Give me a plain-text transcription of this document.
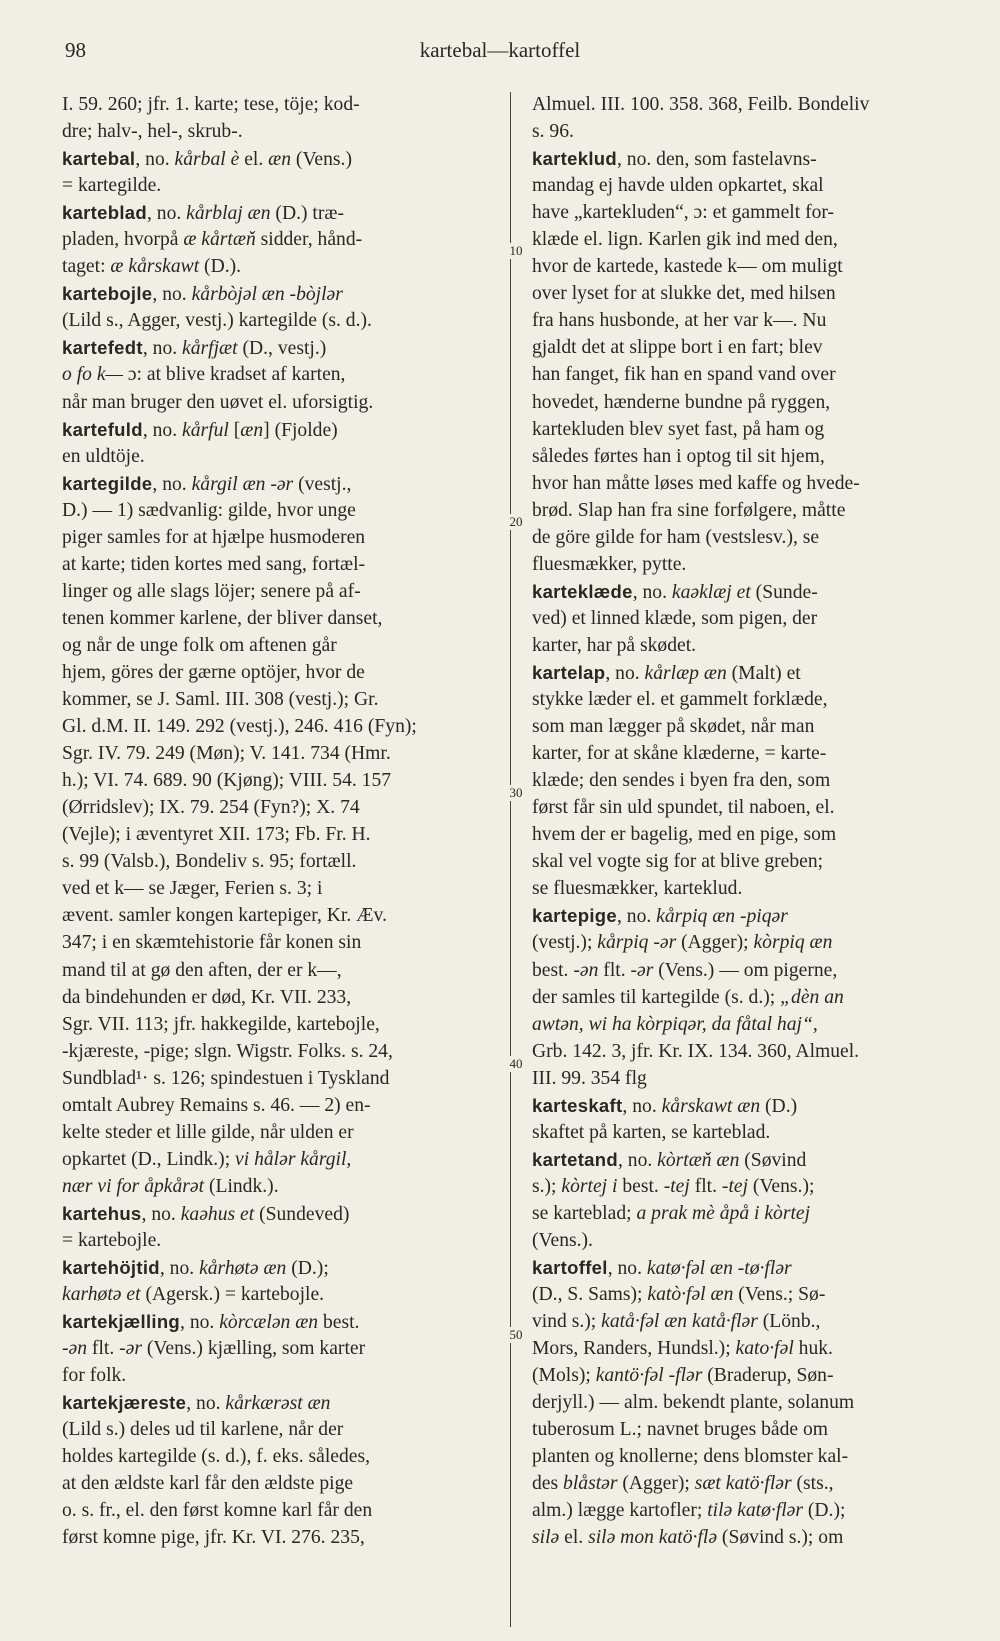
98	kartebal—kartoffel
I. 59. 260; jfr. 1. karte; tese, töje; kod-
dre; halv-, hel-, skrub-.
kartebal, no. kårbal è el. æn (Vens.)
= kartegilde.
karteblad, no. kårblaj æn (D.) træ-
pladen, hvorpå æ kårtæň sidder, hånd-
taget: æ kårskawt (D.).
kartebojle, no. kårbòjəl æn -bòjlər
(Lild s., Agger, vestj.) kartegilde (s. d.).
kartefedt, no. kårfjæt (D., vestj.)
o fo k— ɔ: at blive kradset af karten,
når man bruger den uøvet el. uforsigtig.
kartefuld, no. kårful [æn] (Fjolde)
en uldtöje.
kartegilde, no. kårgil æn -ər (vestj.,
D.) — 1) sædvanlig: gilde, hvor unge
piger samles for at hjælpe husmoderen
at karte; tiden kortes med sang, fortæl-
linger og alle slags löjer; senere på af-
tenen kommer karlene, der bliver danset,
og når de unge folk om aftenen går
hjem, göres der gærne optöjer, hvor de
kommer, se J. Saml. III. 308 (vestj.); Gr.
Gl. d.M. II. 149. 292 (vestj.), 246. 416 (Fyn);
Sgr. IV. 79. 249 (Møn); V. 141. 734 (Hmr.
h.); VI. 74. 689. 90 (Kjøng); VIII. 54. 157
(Ørridslev); IX. 79. 254 (Fyn?); X. 74
(Vejle); i æventyret XII. 173; Fb. Fr. H.
s. 99 (Valsb.), Bondeliv s. 95; fortæll.
ved et k— se Jæger, Ferien s. 3; i
ævent. samler kongen kartepiger, Kr. Æv.
347; i en skæmtehistorie får konen sin
mand til at gø den aften, der er k—,
da bindehunden er død, Kr. VII. 233,
Sgr. VII. 113; jfr. hakkegilde, kartebojle,
-kjæreste, -pige; slgn. Wigstr. Folks. s. 24,
Sundblad¹· s. 126; spindestuen i Tyskland
omtalt Aubrey Remains s. 46. — 2) en-
kelte steder et lille gilde, når ulden er
opkartet (D., Lindk.); vi hålər kårgil,
nær vi for åpkårət (Lindk.).
kartehus, no. kaəhus et (Sundeved)
= kartebojle.
kartehöjtid, no. kårhøtə æn (D.);
karhøtə et (Agersk.) = kartebojle.
kartekjælling, no. kòrcælən æn best.
-ən flt. -ər (Vens.) kjælling, som karter
for folk.
kartekjæreste, no. kårkærəst æn
(Lild s.) deles ud til karlene, når der
holdes kartegilde (s. d.), f. eks. således,
at den ældste karl får den ældste pige
o. s. fr., el. den først komne karl får den
først komne pige, jfr. Kr. VI. 276. 235,
Almuel. III. 100. 358. 368, Feilb. Bondeliv
s. 96.
karteklud, no. den, som fastelavns-
mandag ej havde ulden opkartet, skal
have „kartekluden“, ɔ: et gammelt for-
klæde el. lign. Karlen gik ind med den,
hvor de kartede, kastede k— om muligt
over lyset for at slukke det, med hilsen
fra hans husbonde, at her var k—. Nu
gjaldt det at slippe bort i en fart; blev
han fanget, fik han en spand vand over
hovedet, hænderne bundne på ryggen,
kartekluden blev syet fast, på ham og
således førtes han i optog til sit hjem,
hvor han måtte løses med kaffe og hvede-
brød. Slap han fra sine forfølgere, måtte
de göre gilde for ham (vestslesv.), se
fluesmækker, pytte.
karteklæde, no. kaəklæj et (Sunde-
ved) et linned klæde, som pigen, der
karter, har på skødet.
kartelap, no. kårlæp æn (Malt) et
stykke læder el. et gammelt forklæde,
som man lægger på skødet, når man
karter, for at skåne klæderne, = karte-
klæde; den sendes i byen fra den, som
først får sin uld spundet, til naboen, el.
hvem der er bagelig, med en pige, som
skal vel vogte sig for at blive greben;
se fluesmækker, karteklud.
kartepige, no. kårpiq æn -piqər
(vestj.); kårpiq -ər (Agger); kòrpiq æn
best. -ən flt. -ər (Vens.) — om pigerne,
der samles til kartegilde (s. d.); „dèn an
awtən, wi ha kòrpiqər, da fåtal haj“,
Grb. 142. 3, jfr. Kr. IX. 134. 360, Almuel.
III. 99. 354 flg
karteskaft, no. kårskawt æn (D.)
skaftet på karten, se karteblad.
kartetand, no. kòrtæň æn (Søvind
s.); kòrtej i best. -tej flt. -tej (Vens.);
se karteblad; a prak mè åpå i kòrtej
(Vens.).
kartoffel, no. katø·fəl æn -tø·flər
(D., S. Sams); katò·fəl æn (Vens.; Sø-
vind s.); katå·fəl æn katå·flər (Lönb.,
Mors, Randers, Hundsl.); kato·fəl huk.
(Mols); kantö·fəl -flər (Braderup, Søn-
derjyll.) — alm. bekendt plante, solanum
tuberosum L.; navnet bruges både om
planten og knollerne; dens blomster kal-
des blåstər (Agger); sæt katö·flər (sts.,
alm.) lægge kartofler; tilə katø·flər (D.);
silə el. silə mon katö·flə (Søvind s.); om
10
20
30
40
50
